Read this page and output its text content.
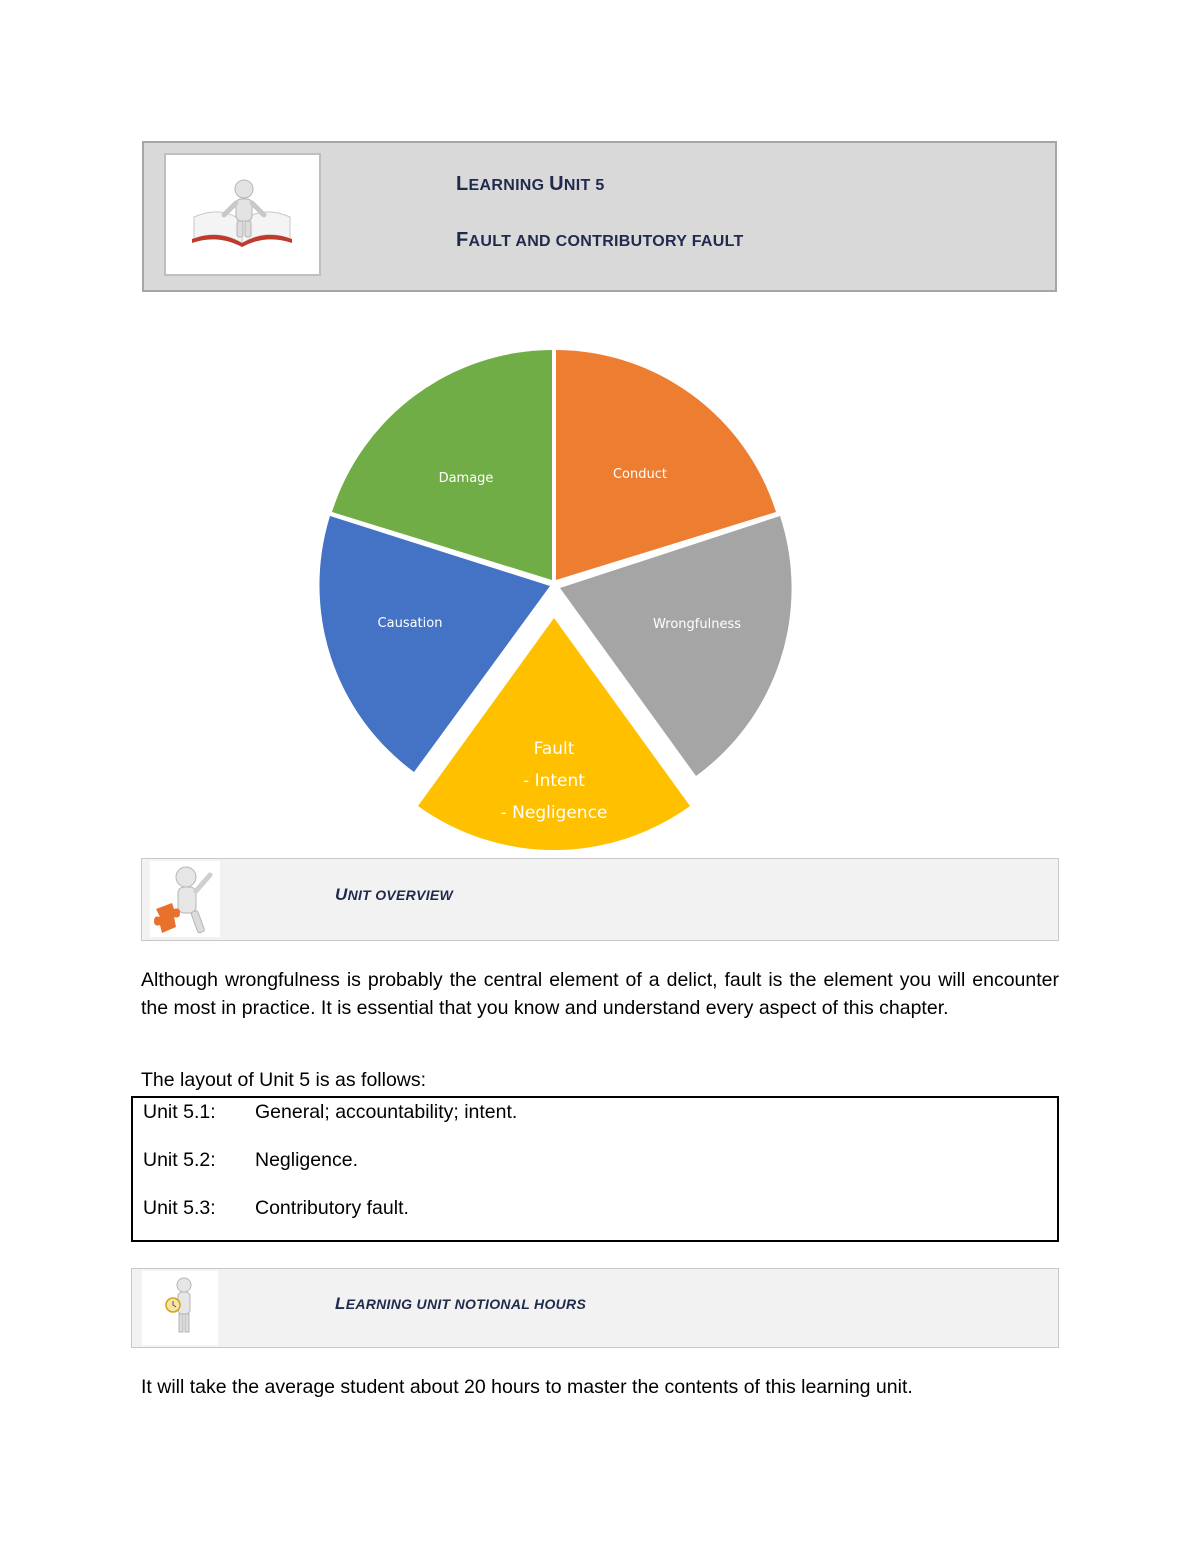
LEARNING UNIT 5
FAULT AND CONTRIBUTORY FAULT
Conduct
Wrongfulness
Fault
- Intent
- Negligence
Causation
Damage
UNIT OVERVIEW
Although wrongfulness is probably the central element of a delict, fault is the element you will encounter the most in practice. It is essential that you know and understand every aspect of this chapter.
The layout of Unit 5 is as follows:
Unit 5.1: General; accountability; intent.
Unit 5.2: Negligence.
Unit 5.3: Contributory fault.
LEARNING UNIT NOTIONAL HOURS
It will take the average student about 20 hours to master the contents of this learning unit.
